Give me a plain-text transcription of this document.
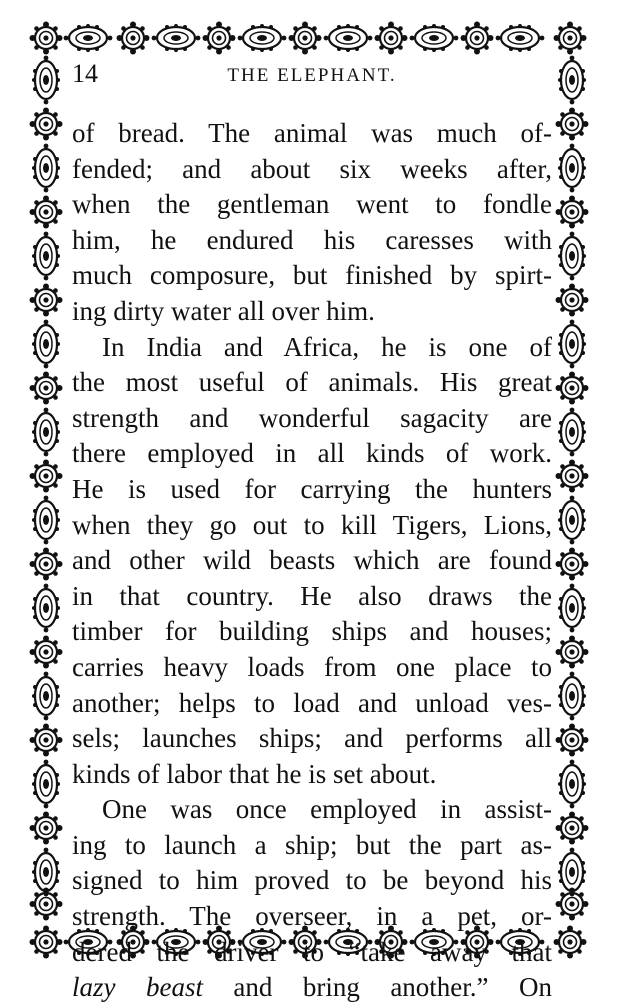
14	THE ELEPHANT.
of bread. The animal was much of-
fended; and about six weeks after,
when the gentleman went to fondle
him, he endured his caresses with
much composure, but finished by spirt-
ing dirty water all over him.
In India and Africa, he is one of
the most useful of animals. His great
strength and wonderful sagacity are
there employed in all kinds of work.
He is used for carrying the hunters
when they go out to kill Tigers, Lions,
and other wild beasts which are found
in that country. He also draws the
timber for building ships and houses;
carries heavy loads from one place to
another; helps to load and unload ves-
sels; launches ships; and performs all
kinds of labor that he is set about.
One was once employed in assist-
ing to launch a ship; but the part as-
signed to him proved to be beyond his
strength. The overseer, in a pet, or-
dered the driver to “take away that
lazy beast and bring another.” On
